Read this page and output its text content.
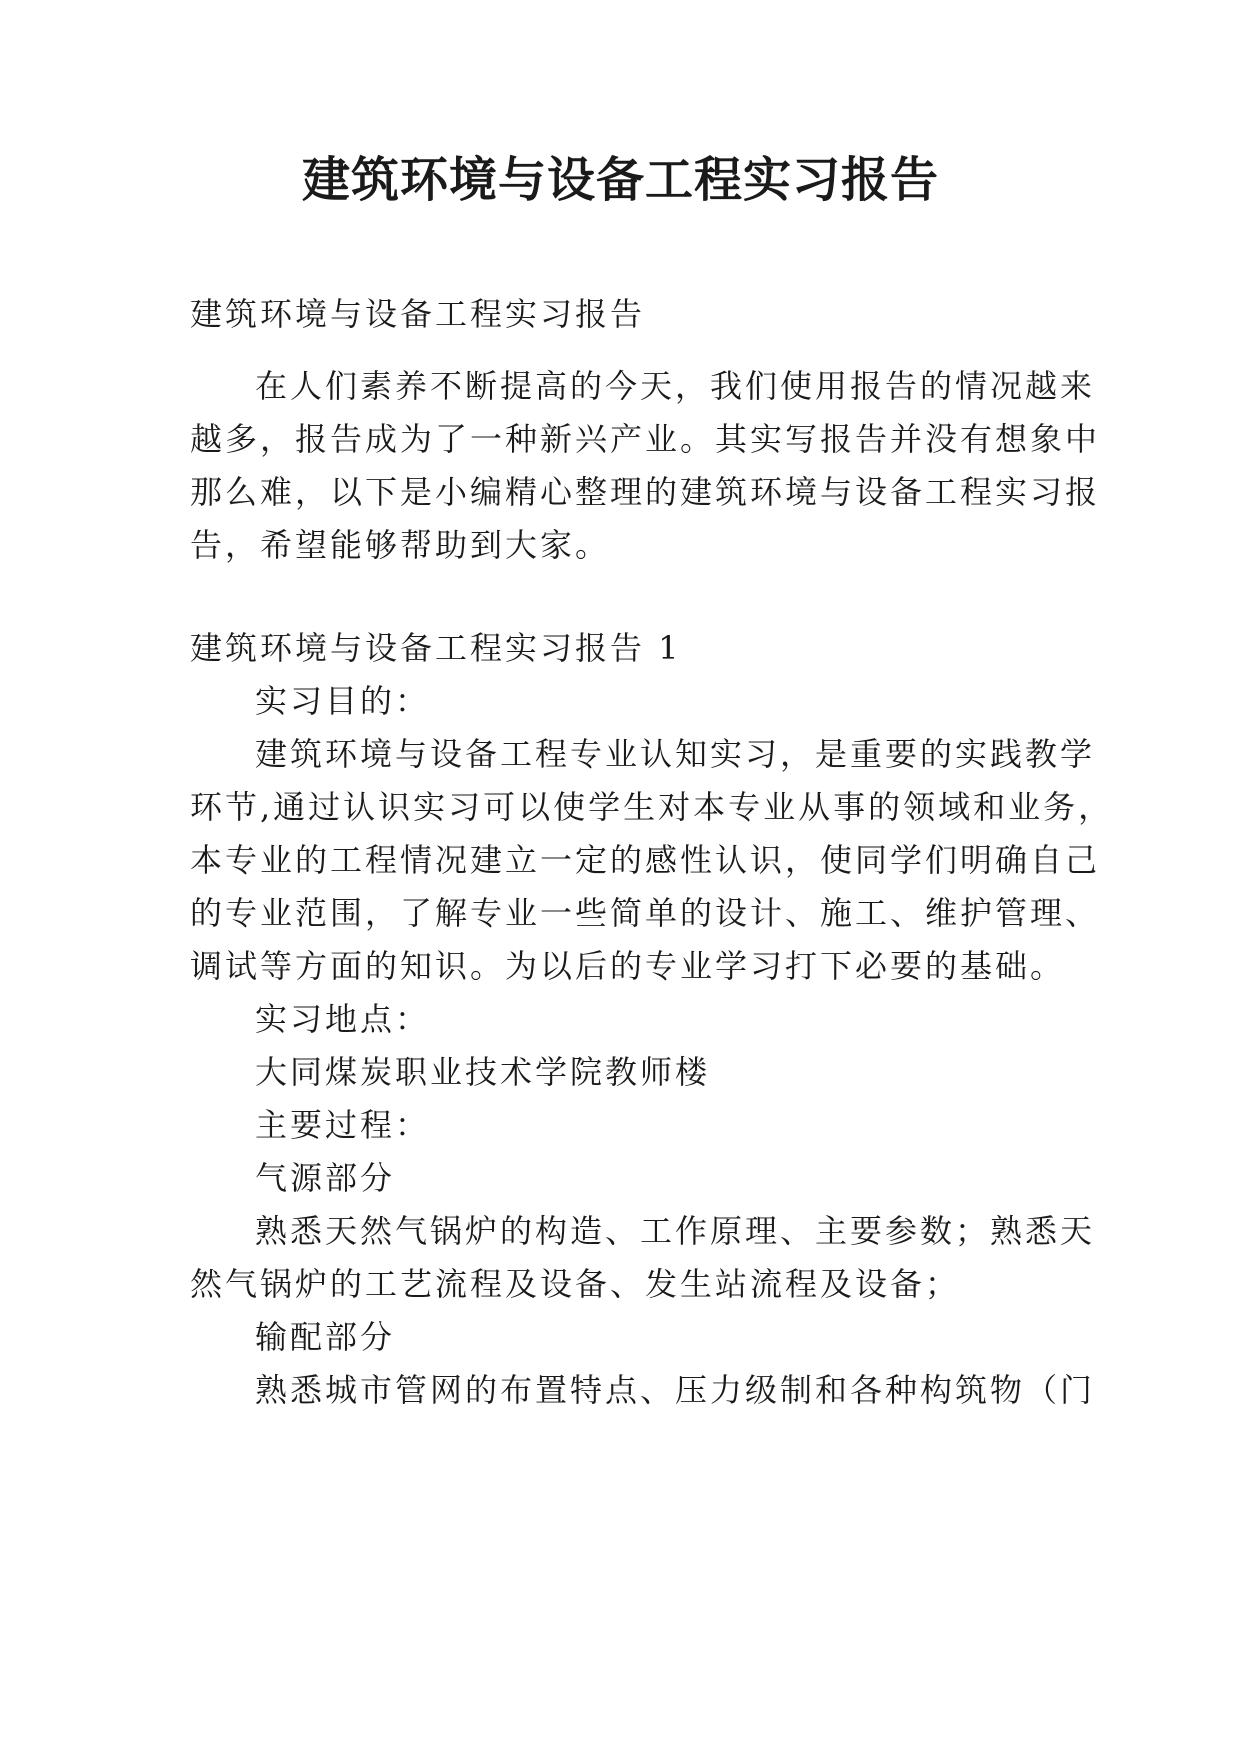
建筑环境与设备工程实习报告
建筑环境与设备工程实习报告
在人们素养不断提高的今天，我们使用报告的情况越来
越多，报告成为了一种新兴产业。其实写报告并没有想象中
那么难，以下是小编精心整理的建筑环境与设备工程实习报
告，希望能够帮助到大家。
建筑环境与设备工程实习报告 1
实习目的：
建筑环境与设备工程专业认知实习，是重要的实践教学
环节,通过认识实习可以使学生对本专业从事的领域和业务，
本专业的工程情况建立一定的感性认识，使同学们明确自己
的专业范围，了解专业一些简单的设计、施工、维护管理、
调试等方面的知识。为以后的专业学习打下必要的基础。
实习地点：
大同煤炭职业技术学院教师楼
主要过程：
气源部分
熟悉天然气锅炉的构造、工作原理、主要参数；熟悉天
然气锅炉的工艺流程及设备、发生站流程及设备；
输配部分
熟悉城市管网的布置特点、压力级制和各种构筑物（门
